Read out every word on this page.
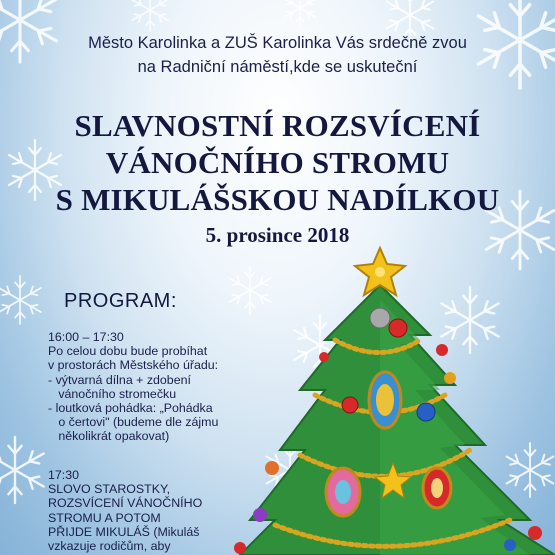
Město Karolinka a ZUŠ Karolinka Vás srdečně zvou
na Radniční náměstí,kde se uskuteční
SLAVNOSTNÍ ROZSVÍCENÍ
VÁNOČNÍHO STROMU
S MIKULÁŠSKOU NADÍLKOU
5. prosince 2018
PROGRAM:
16:00 – 17:30
Po celou dobu bude probíhat
v prostorách Městského úřadu:
- výtvarná dílna + zdobení
vánočního stromečku
- loutková pohádka: „Pohádka
o čertovi" (budeme dle zájmu
několikrát opakovat)
17:30
SLOVO STAROSTKY,
ROZSVÍCENÍ VÁNOČNÍHO
STROMU A POTOM
PŘIJDE MIKULÁŠ (Mikuláš
vzkazuje rodičům, aby
